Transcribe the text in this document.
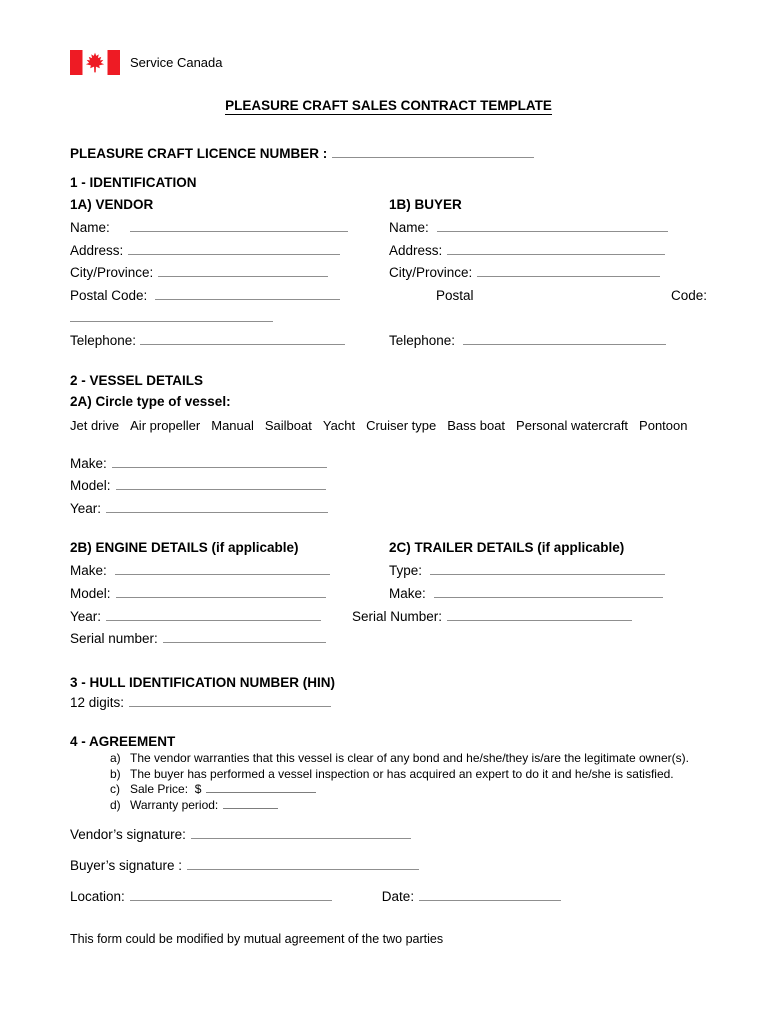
Service Canada
PLEASURE CRAFT SALES CONTRACT TEMPLATE
PLEASURE CRAFT LICENCE NUMBER :
1 - IDENTIFICATION
1A) VENDOR
Name:
Address:
City/Province:
Postal Code:
Telephone:
1B) BUYER
Name:
Address:
City/Province:
Postal	Code:
Telephone:
2 - VESSEL DETAILS
2A) Circle type of vessel:
Jet drive Air propeller Manual Sailboat Yacht Cruiser type Bass boat Personal watercraft Pontoon
Make:
Model:
Year:
2B) ENGINE DETAILS (if applicable)
Make:
Model:
Year:
Serial number:
2C) TRAILER DETAILS (if applicable)
Type:
Make:
Serial Number:
3 - HULL IDENTIFICATION NUMBER (HIN)
12 digits:
4 - AGREEMENT
a) The vendor warranties that this vessel is clear of any bond and he/she/they is/are the legitimate owner(s).
b) The buyer has performed a vessel inspection or has acquired an expert to do it and he/she is satisfied.
c) Sale Price:  $
d) Warranty period:
Vendor’s signature:
Buyer’s signature :
Location:	Date:
This form could be modified by mutual agreement of the two parties
